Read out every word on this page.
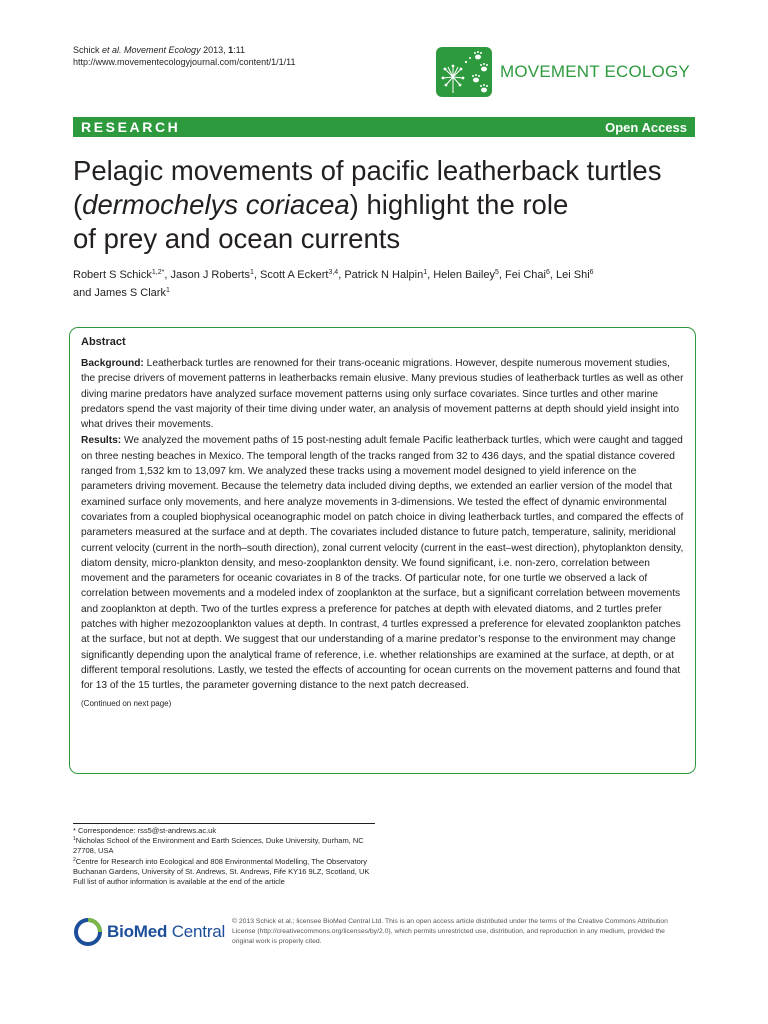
Schick et al. Movement Ecology 2013, 1:11
http://www.movementecologyjournal.com/content/1/1/11	MOVEMENT ECOLOGY
RESEARCH	Open Access
Pelagic movements of pacific leatherback turtles
(dermochelys coriacea) highlight the role
of prey and ocean currents
Robert S Schick$^{1,2*}$, Jason J Roberts$^1$, Scott A Eckert$^{3,4}$, Patrick N Halpin$^1$, Helen Bailey$^5$, Fei Chai$^6$, Lei Shi$^6$
and James S Clark$^1$
Abstract

Background: Leatherback turtles are renowned for their trans-oceanic migrations. However, despite numerous movement studies, the precise drivers of movement patterns in leatherbacks remain elusive. Many previous studies of leatherback turtles as well as other diving marine predators have analyzed surface movement patterns using only surface covariates. Since turtles and other marine predators spend the vast majority of their time diving under water, an analysis of movement patterns at depth should yield insight into what drives their movements.

Results: We analyzed the movement paths of 15 post-nesting adult female Pacific leatherback turtles, which were caught and tagged on three nesting beaches in Mexico. The temporal length of the tracks ranged from 32 to 436 days, and the spatial distance covered ranged from 1,532 km to 13,097 km. We analyzed these tracks using a movement model designed to yield inference on the parameters driving movement. Because the telemetry data included diving depths, we extended an earlier version of the model that examined surface only movements, and here analyze movements in 3-dimensions. We tested the effect of dynamic environmental covariates from a coupled biophysical oceanographic model on patch choice in diving leatherback turtles, and compared the effects of parameters measured at the surface and at depth. The covariates included distance to future patch, temperature, salinity, meridional current velocity (current in the north–south direction), zonal current velocity (current in the east–west direction), phytoplankton density, diatom density, micro-plankton density, and meso-zooplankton density. We found significant, i.e. non-zero, correlation between movement and the parameters for oceanic covariates in 8 of the tracks. Of particular note, for one turtle we observed a lack of correlation between movements and a modeled index of zooplankton at the surface, but a significant correlation between movements and zooplankton at depth. Two of the turtles express a preference for patches at depth with elevated diatoms, and 2 turtles prefer patches with higher mezozooplankton values at depth. In contrast, 4 turtles expressed a preference for elevated zooplankton patches at the surface, but not at depth. We suggest that our understanding of a marine predator’s response to the environment may change significantly depending upon the analytical frame of reference, i.e. whether relationships are examined at the surface, at depth, or at different temporal resolutions. Lastly, we tested the effects of accounting for ocean currents on the movement patterns and found that for 13 of the 15 turtles, the parameter governing distance to the next patch decreased.

(Continued on next page)

* Correspondence: rss5@st-andrews.ac.uk
$^1$Nicholas School of the Environment and Earth Sciences, Duke University, Durham, NC 27708, USA
$^2$Centre for Research into Ecological and 808 Environmental Modelling, The Observatory Buchanan Gardens, University of St. Andrews, St. Andrews, Fife KY16 9LZ, Scotland, UK
Full list of author information is available at the end of the article
BioMed Central
© 2013 Schick et al.; licensee BioMed Central Ltd. This is an open access article distributed under the terms of the Creative Commons Attribution License (http://creativecommons.org/licenses/by/2.0), which permits unrestricted use, distribution, and reproduction in any medium, provided the original work is properly cited.
